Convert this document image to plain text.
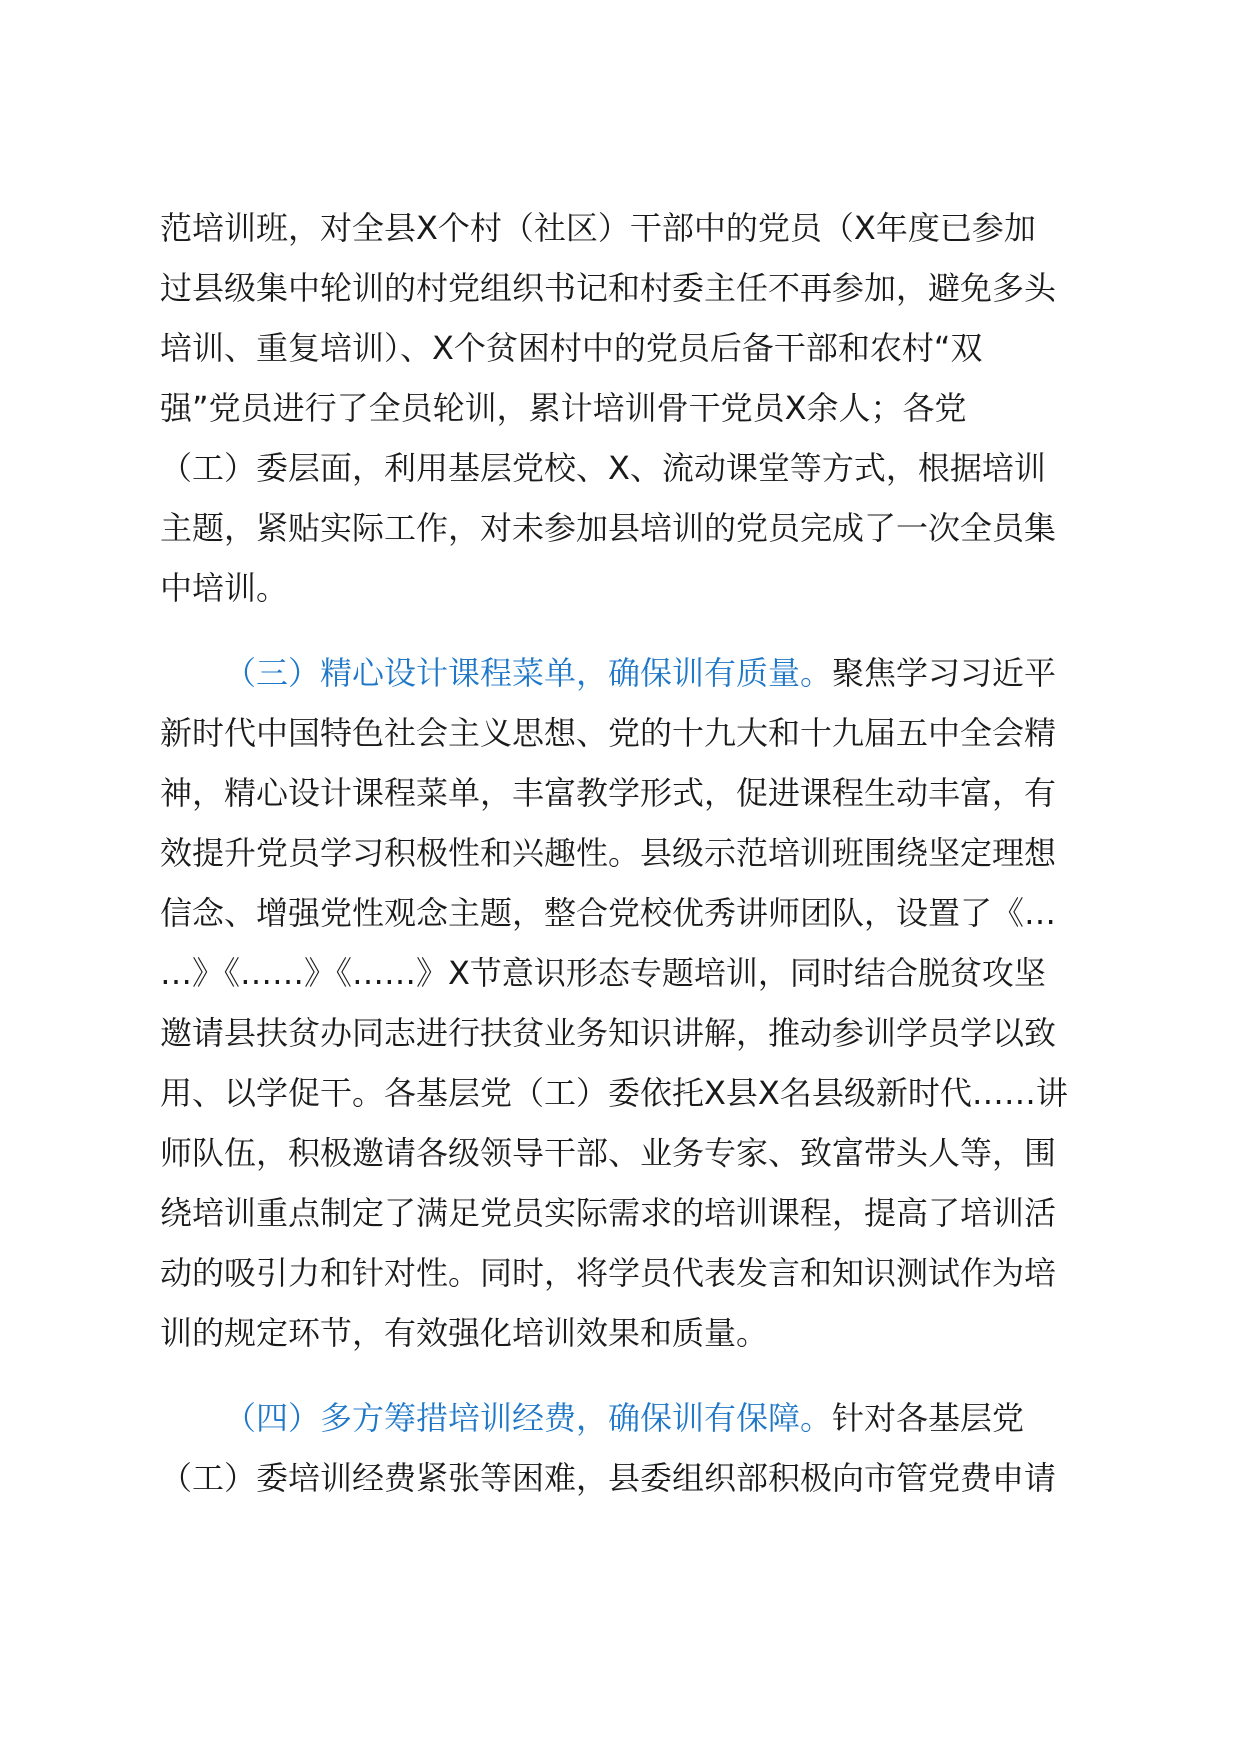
范培训班，对全县X个村（社区）干部中的党员（X年度已参加
过县级集中轮训的村党组织书记和村委主任不再参加，避免多头
培训、重复培训）、X个贫困村中的党员后备干部和农村“双
强”党员进行了全员轮训，累计培训骨干党员X余人；各党
（工）委层面，利用基层党校、X、流动课堂等方式，根据培训
主题，紧贴实际工作，对未参加县培训的党员完成了一次全员集
中培训。
（三）精心设计课程菜单，确保训有质量。聚焦学习习近平
新时代中国特色社会主义思想、党的十九大和十九届五中全会精
神，精心设计课程菜单，丰富教学形式，促进课程生动丰富，有
效提升党员学习积极性和兴趣性。县级示范培训班围绕坚定理想
信念、增强党性观念主题，整合党校优秀讲师团队，设置了《…
…》《……》《……》X节意识形态专题培训，同时结合脱贫攻坚
邀请县扶贫办同志进行扶贫业务知识讲解，推动参训学员学以致
用、以学促干。各基层党（工）委依托X县X名县级新时代……讲
师队伍，积极邀请各级领导干部、业务专家、致富带头人等，围
绕培训重点制定了满足党员实际需求的培训课程，提高了培训活
动的吸引力和针对性。同时，将学员代表发言和知识测试作为培
训的规定环节，有效强化培训效果和质量。
（四）多方筹措培训经费，确保训有保障。针对各基层党
（工）委培训经费紧张等困难，县委组织部积极向市管党费申请
